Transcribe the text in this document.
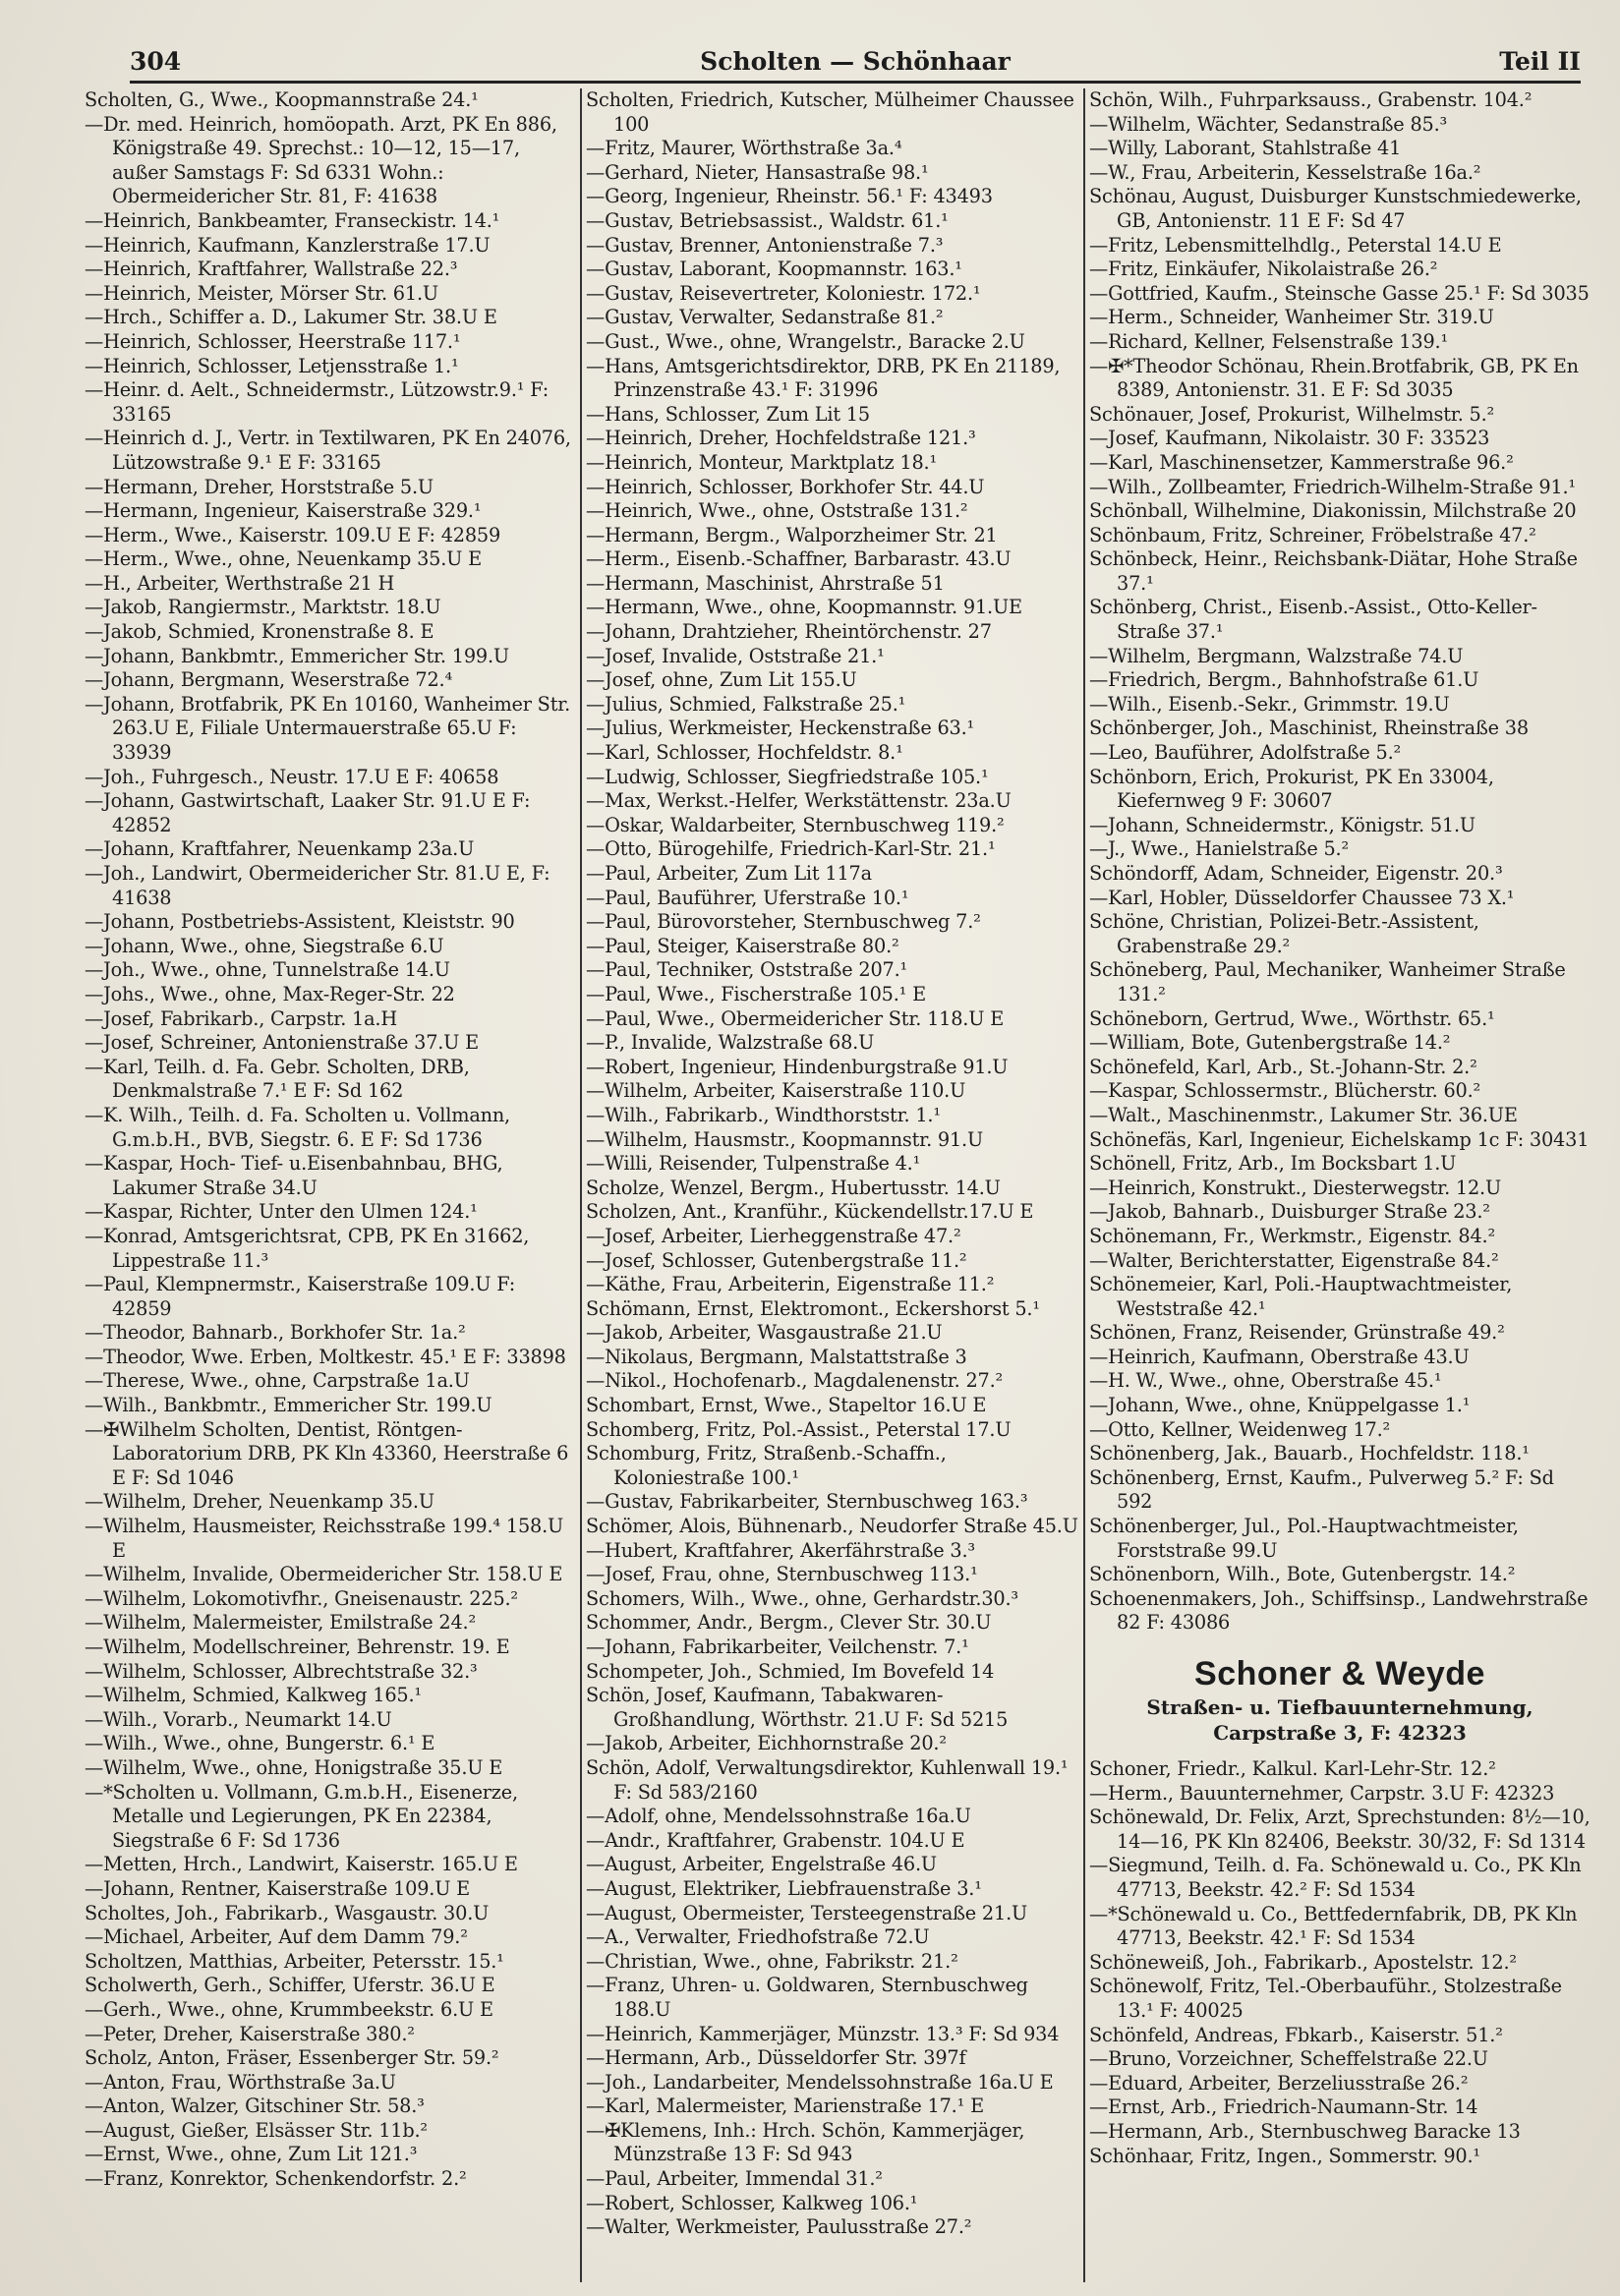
304	Scholten — Schönhaar	Teil II

Scholten, G., Wwe., Koopmannstraße 24.¹

—Dr. med. Heinrich, homöopath. Arzt, PK En 886, Königstraße 49. Sprechst.: 10—12, 15—17, außer Samstags F: Sd 6331 Wohn.: Obermeidericher Str. 81, F: 41638

—Heinrich, Bankbeamter, Franseckistr. 14.¹

—Heinrich, Kaufmann, Kanzlerstraße 17.U

—Heinrich, Kraftfahrer, Wallstraße 22.³

—Heinrich, Meister, Mörser Str. 61.U

—Hrch., Schiffer a. D., Lakumer Str. 38.U E

—Heinrich, Schlosser, Heerstraße 117.¹

—Heinrich, Schlosser, Letjensstraße 1.¹

—Heinr. d. Aelt., Schneidermstr., Lützowstr.9.¹ F: 33165

—Heinrich d. J., Vertr. in Textilwaren, PK En 24076, Lützowstraße 9.¹ E F: 33165

—Hermann, Dreher, Horststraße 5.U

—Hermann, Ingenieur, Kaiserstraße 329.¹

—Herm., Wwe., Kaiserstr. 109.U E F: 42859

—Herm., Wwe., ohne, Neuenkamp 35.U E

—H., Arbeiter, Werthstraße 21 H

—Jakob, Rangiermstr., Marktstr. 18.U

—Jakob, Schmied, Kronenstraße 8. E

—Johann, Bankbmtr., Emmericher Str. 199.U

—Johann, Bergmann, Weserstraße 72.⁴

—Johann, Brotfabrik, PK En 10160, Wanheimer Str. 263.U E, Filiale Untermauerstraße 65.U F: 33939

—Joh., Fuhrgesch., Neustr. 17.U E F: 40658

—Johann, Gastwirtschaft, Laaker Str. 91.U E F: 42852

—Johann, Kraftfahrer, Neuenkamp 23a.U

—Joh., Landwirt, Obermeidericher Str. 81.U E, F: 41638

—Johann, Postbetriebs-Assistent, Kleiststr. 90

—Johann, Wwe., ohne, Siegstraße 6.U

—Joh., Wwe., ohne, Tunnelstraße 14.U

—Johs., Wwe., ohne, Max-Reger-Str. 22

—Josef, Fabrikarb., Carpstr. 1a.H

—Josef, Schreiner, Antonienstraße 37.U E

—Karl, Teilh. d. Fa. Gebr. Scholten, DRB, Denkmalstraße 7.¹ E F: Sd 162

—K. Wilh., Teilh. d. Fa. Scholten u. Vollmann, G.m.b.H., BVB, Siegstr. 6. E F: Sd 1736

—Kaspar, Hoch- Tief- u.Eisenbahnbau, BHG, Lakumer Straße 34.U

—Kaspar, Richter, Unter den Ulmen 124.¹

—Konrad, Amtsgerichtsrat, CPB, PK En 31662, Lippestraße 11.³

—Paul, Klempnermstr., Kaiserstraße 109.U F: 42859

—Theodor, Bahnarb., Borkhofer Str. 1a.²

—Theodor, Wwe. Erben, Moltkestr. 45.¹ E F: 33898

—Therese, Wwe., ohne, Carpstraße 1a.U

—Wilh., Bankbmtr., Emmericher Str. 199.U

—✠Wilhelm Scholten, Dentist, Röntgen-Laboratorium DRB, PK Kln 43360, Heerstraße 6 E F: Sd 1046

—Wilhelm, Dreher, Neuenkamp 35.U

—Wilhelm, Hausmeister, Reichsstraße 199.⁴ 158.U E

—Wilhelm, Invalide, Obermeidericher Str. 158.U E

—Wilhelm, Lokomotivfhr., Gneisenaustr. 225.²

—Wilhelm, Malermeister, Emilstraße 24.²

—Wilhelm, Modellschreiner, Behrenstr. 19. E

—Wilhelm, Schlosser, Albrechtstraße 32.³

—Wilhelm, Schmied, Kalkweg 165.¹

—Wilh., Vorarb., Neumarkt 14.U

—Wilh., Wwe., ohne, Bungerstr. 6.¹ E

—Wilhelm, Wwe., ohne, Honigstraße 35.U E

—*Scholten u. Vollmann, G.m.b.H., Eisenerze, Metalle und Legierungen, PK En 22384, Siegstraße 6 F: Sd 1736

—Metten, Hrch., Landwirt, Kaiserstr. 165.U E

—Johann, Rentner, Kaiserstraße 109.U E

Scholtes, Joh., Fabrikarb., Wasgaustr. 30.U

—Michael, Arbeiter, Auf dem Damm 79.²

Scholtzen, Matthias, Arbeiter, Petersstr. 15.¹

Scholwerth, Gerh., Schiffer, Uferstr. 36.U E

—Gerh., Wwe., ohne, Krummbeekstr. 6.U E

—Peter, Dreher, Kaiserstraße 380.²

Scholz, Anton, Fräser, Essenberger Str. 59.²

—Anton, Frau, Wörthstraße 3a.U

—Anton, Walzer, Gitschiner Str. 58.³

—August, Gießer, Elsässer Str. 11b.²

—Ernst, Wwe., ohne, Zum Lit 121.³

—Franz, Konrektor, Schenkendorfstr. 2.²

Scholten, Friedrich, Kutscher, Mülheimer Chaussee 100

—Fritz, Maurer, Wörthstraße 3a.⁴

—Gerhard, Nieter, Hansastraße 98.¹

—Georg, Ingenieur, Rheinstr. 56.¹ F: 43493

—Gustav, Betriebsassist., Waldstr. 61.¹

—Gustav, Brenner, Antonienstraße 7.³

—Gustav, Laborant, Koopmannstr. 163.¹

—Gustav, Reisevertreter, Koloniestr. 172.¹

—Gustav, Verwalter, Sedanstraße 81.²

—Gust., Wwe., ohne, Wrangelstr., Baracke 2.U

—Hans, Amtsgerichtsdirektor, DRB, PK En 21189, Prinzenstraße 43.¹ F: 31996

—Hans, Schlosser, Zum Lit 15

—Heinrich, Dreher, Hochfeldstraße 121.³

—Heinrich, Monteur, Marktplatz 18.¹

—Heinrich, Schlosser, Borkhofer Str. 44.U

—Heinrich, Wwe., ohne, Oststraße 131.²

—Hermann, Bergm., Walporzheimer Str. 21

—Herm., Eisenb.-Schaffner, Barbarastr. 43.U

—Hermann, Maschinist, Ahrstraße 51

—Hermann, Wwe., ohne, Koopmannstr. 91.UE

—Johann, Drahtzieher, Rheintörchenstr. 27

—Josef, Invalide, Oststraße 21.¹

—Josef, ohne, Zum Lit 155.U

—Julius, Schmied, Falkstraße 25.¹

—Julius, Werkmeister, Heckenstraße 63.¹

—Karl, Schlosser, Hochfeldstr. 8.¹

—Ludwig, Schlosser, Siegfriedstraße 105.¹

—Max, Werkst.-Helfer, Werkstättenstr. 23a.U

—Oskar, Waldarbeiter, Sternbuschweg 119.²

—Otto, Bürogehilfe, Friedrich-Karl-Str. 21.¹

—Paul, Arbeiter, Zum Lit 117a

—Paul, Bauführer, Uferstraße 10.¹

—Paul, Bürovorsteher, Sternbuschweg 7.²

—Paul, Steiger, Kaiserstraße 80.²

—Paul, Techniker, Oststraße 207.¹

—Paul, Wwe., Fischerstraße 105.¹ E

—Paul, Wwe., Obermeidericher Str. 118.U E

—P., Invalide, Walzstraße 68.U

—Robert, Ingenieur, Hindenburgstraße 91.U

—Wilhelm, Arbeiter, Kaiserstraße 110.U

—Wilh., Fabrikarb., Windthorststr. 1.¹

—Wilhelm, Hausmstr., Koopmannstr. 91.U

—Willi, Reisender, Tulpenstraße 4.¹

Scholze, Wenzel, Bergm., Hubertusstr. 14.U

Scholzen, Ant., Kranführ., Kückendellstr.17.U E

—Josef, Arbeiter, Lierheggenstraße 47.²

—Josef, Schlosser, Gutenbergstraße 11.²

—Käthe, Frau, Arbeiterin, Eigenstraße 11.²

Schömann, Ernst, Elektromont., Eckershorst 5.¹

—Jakob, Arbeiter, Wasgaustraße 21.U

—Nikolaus, Bergmann, Malstattstraße 3

—Nikol., Hochofenarb., Magdalenenstr. 27.²

Schombart, Ernst, Wwe., Stapeltor 16.U E

Schomberg, Fritz, Pol.-Assist., Peterstal 17.U

Schomburg, Fritz, Straßenb.-Schaffn., Koloniestraße 100.¹

—Gustav, Fabrikarbeiter, Sternbuschweg 163.³

Schömer, Alois, Bühnenarb., Neudorfer Straße 45.U

—Hubert, Kraftfahrer, Akerfährstraße 3.³

—Josef, Frau, ohne, Sternbuschweg 113.¹

Schomers, Wilh., Wwe., ohne, Gerhardstr.30.³

Schommer, Andr., Bergm., Clever Str. 30.U

—Johann, Fabrikarbeiter, Veilchenstr. 7.¹

Schompeter, Joh., Schmied, Im Bovefeld 14

Schön, Josef, Kaufmann, Tabakwaren-Großhandlung, Wörthstr. 21.U F: Sd 5215

—Jakob, Arbeiter, Eichhornstraße 20.²

Schön, Adolf, Verwaltungsdirektor, Kuhlenwall 19.¹ F: Sd 583/2160

—Adolf, ohne, Mendelssohnstraße 16a.U

—Andr., Kraftfahrer, Grabenstr. 104.U E

—August, Arbeiter, Engelstraße 46.U

—August, Elektriker, Liebfrauenstraße 3.¹

—August, Obermeister, Tersteegenstraße 21.U

—A., Verwalter, Friedhofstraße 72.U

—Christian, Wwe., ohne, Fabrikstr. 21.²

—Franz, Uhren- u. Goldwaren, Sternbuschweg 188.U

—Heinrich, Kammerjäger, Münzstr. 13.³ F: Sd 934

—Hermann, Arb., Düsseldorfer Str. 397f

—Joh., Landarbeiter, Mendelssohnstraße 16a.U E

—Karl, Malermeister, Marienstraße 17.¹ E

—✠Klemens, Inh.: Hrch. Schön, Kammerjäger, Münzstraße 13 F: Sd 943

—Paul, Arbeiter, Immendal 31.²

—Robert, Schlosser, Kalkweg 106.¹

—Walter, Werkmeister, Paulusstraße 27.²

Schön, Wilh., Fuhrparksauss., Grabenstr. 104.²

—Wilhelm, Wächter, Sedanstraße 85.³

—Willy, Laborant, Stahlstraße 41

—W., Frau, Arbeiterin, Kesselstraße 16a.²

Schönau, August, Duisburger Kunstschmiedewerke, GB, Antonienstr. 11 E F: Sd 47

—Fritz, Lebensmittelhdlg., Peterstal 14.U E

—Fritz, Einkäufer, Nikolaistraße 26.²

—Gottfried, Kaufm., Steinsche Gasse 25.¹ F: Sd 3035

—Herm., Schneider, Wanheimer Str. 319.U

—Richard, Kellner, Felsenstraße 139.¹

—✠*Theodor Schönau, Rhein.Brotfabrik, GB, PK En 8389, Antonienstr. 31. E F: Sd 3035

Schönauer, Josef, Prokurist, Wilhelmstr. 5.²

—Josef, Kaufmann, Nikolaistr. 30 F: 33523

—Karl, Maschinensetzer, Kammerstraße 96.²

—Wilh., Zollbeamter, Friedrich-Wilhelm-Straße 91.¹

Schönball, Wilhelmine, Diakonissin, Milchstraße 20

Schönbaum, Fritz, Schreiner, Fröbelstraße 47.²

Schönbeck, Heinr., Reichsbank-Diätar, Hohe Straße 37.¹

Schönberg, Christ., Eisenb.-Assist., Otto-Keller-Straße 37.¹

—Wilhelm, Bergmann, Walzstraße 74.U

—Friedrich, Bergm., Bahnhofstraße 61.U

—Wilh., Eisenb.-Sekr., Grimmstr. 19.U

Schönberger, Joh., Maschinist, Rheinstraße 38

—Leo, Bauführer, Adolfstraße 5.²

Schönborn, Erich, Prokurist, PK En 33004, Kiefernweg 9 F: 30607

—Johann, Schneidermstr., Königstr. 51.U

—J., Wwe., Hanielstraße 5.²

Schöndorff, Adam, Schneider, Eigenstr. 20.³

—Karl, Hobler, Düsseldorfer Chaussee 73 X.¹

Schöne, Christian, Polizei-Betr.-Assistent, Grabenstraße 29.²

Schöneberg, Paul, Mechaniker, Wanheimer Straße 131.²

Schöneborn, Gertrud, Wwe., Wörthstr. 65.¹

—William, Bote, Gutenbergstraße 14.²

Schönefeld, Karl, Arb., St.-Johann-Str. 2.²

—Kaspar, Schlossermstr., Blücherstr. 60.²

—Walt., Maschinenmstr., Lakumer Str. 36.UE

Schönefäs, Karl, Ingenieur, Eichelskamp 1c F: 30431

Schönell, Fritz, Arb., Im Bocksbart 1.U

—Heinrich, Konstrukt., Diesterwegstr. 12.U

—Jakob, Bahnarb., Duisburger Straße 23.²

Schönemann, Fr., Werkmstr., Eigenstr. 84.²

—Walter, Berichterstatter, Eigenstraße 84.²

Schönemeier, Karl, Poli.-Hauptwachtmeister, Weststraße 42.¹

Schönen, Franz, Reisender, Grünstraße 49.²

—Heinrich, Kaufmann, Oberstraße 43.U

—H. W., Wwe., ohne, Oberstraße 45.¹

—Johann, Wwe., ohne, Knüppelgasse 1.¹

—Otto, Kellner, Weidenweg 17.²

Schönenberg, Jak., Bauarb., Hochfeldstr. 118.¹

Schönenberg, Ernst, Kaufm., Pulverweg 5.² F: Sd 592

Schönenberger, Jul., Pol.-Hauptwachtmeister, Forststraße 99.U

Schönenborn, Wilh., Bote, Gutenbergstr. 14.²

Schoenenmakers, Joh., Schiffsinsp., Landwehrstraße 82 F: 43086

Schoner & Weyde
Straßen- u. Tiefbauunternehmung,
Carpstraße 3, F: 42323

Schoner, Friedr., Kalkul. Karl-Lehr-Str. 12.²

—Herm., Bauunternehmer, Carpstr. 3.U F: 42323

Schönewald, Dr. Felix, Arzt, Sprechstunden: 8½—10, 14—16, PK Kln 82406, Beekstr. 30/32, F: Sd 1314

—Siegmund, Teilh. d. Fa. Schönewald u. Co., PK Kln 47713, Beekstr. 42.² F: Sd 1534

—*Schönewald u. Co., Bettfedernfabrik, DB, PK Kln 47713, Beekstr. 42.¹ F: Sd 1534

Schöneweiß, Joh., Fabrikarb., Apostelstr. 12.²

Schönewolf, Fritz, Tel.-Oberbauführ., Stolzestraße 13.¹ F: 40025

Schönfeld, Andreas, Fbkarb., Kaiserstr. 51.²

—Bruno, Vorzeichner, Scheffelstraße 22.U

—Eduard, Arbeiter, Berzeliusstraße 26.²

—Ernst, Arb., Friedrich-Naumann-Str. 14

—Hermann, Arb., Sternbuschweg Baracke 13

Schönhaar, Fritz, Ingen., Sommerstr. 90.¹
